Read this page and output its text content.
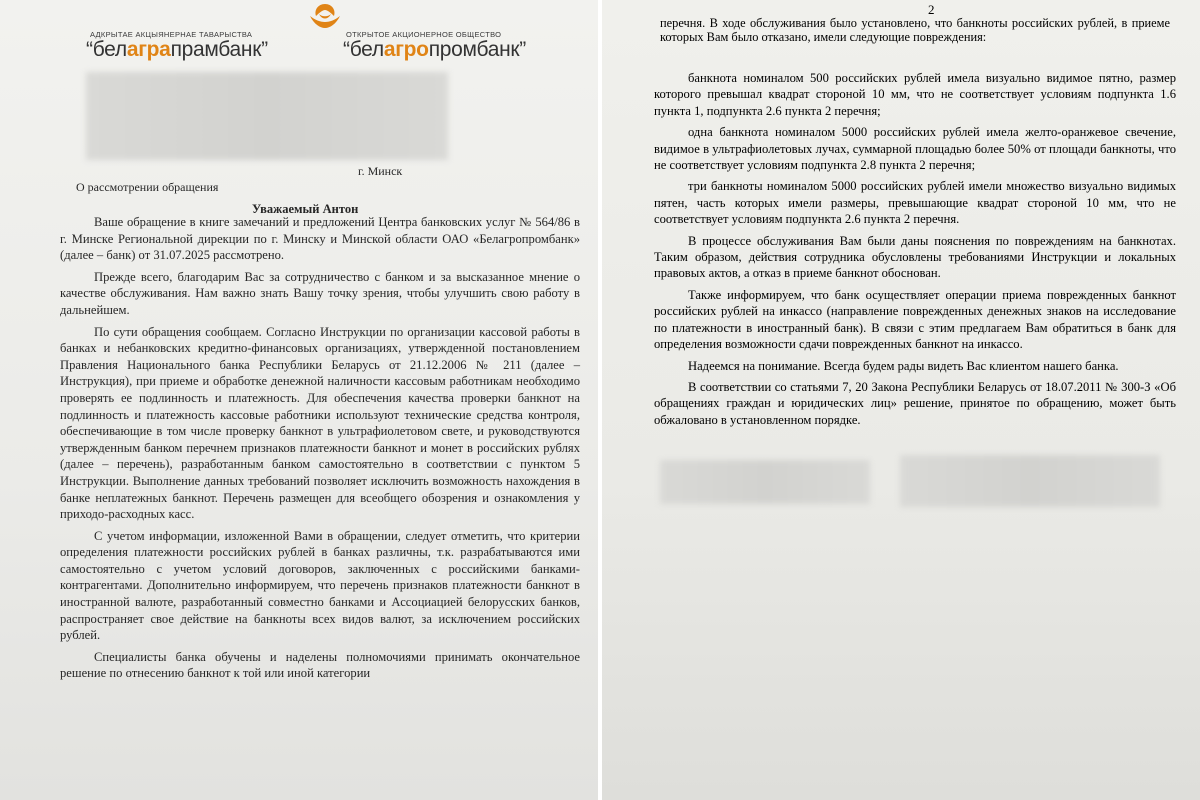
АДКРЫТАЕ АКЦЫЯНЕРНАЕ ТАВАРЫСТВА
“белаграпрамбанк”
ОТКРЫТОЕ АКЦИОНЕРНОЕ ОБЩЕСТВО
“белагропромбанк”
г. Минск
О рассмотрении обращения
Уважаемый Антон

Ваше обращение в книге замечаний и предложений Центра банковских услуг № 564/86 в г. Минске Региональной дирекции по г. Минску и Минской области ОАО «Белагропромбанк» (далее – банк) от 31.07.2025 рассмотрено.

Прежде всего, благодарим Вас за сотрудничество с банком и за высказанное мнение о качестве обслуживания. Нам важно знать Вашу точку зрения, чтобы улучшить свою работу в дальнейшем.

По сути обращения сообщаем. Согласно Инструкции по организации кассовой работы в банках и небанковских кредитно-финансовых организациях, утвержденной постановлением Правления Национального банка Республики Беларусь от 21.12.2006 № 211 (далее – Инструкция), при приеме и обработке денежной наличности кассовым работникам необходимо проверять ее подлинность и платежность. Для обеспечения качества проверки банкнот на подлинность и платежность кассовые работники используют технические средства контроля, обеспечивающие в том числе проверку банкнот в ультрафиолетовом свете, и руководствуются утвержденным банком перечнем признаков платежности банкнот и монет в российских рублях (далее – перечень), разработанным банком самостоятельно в соответствии с пунктом 5 Инструкции. Выполнение данных требований позволяет исключить возможность нахождения в банке неплатежных банкнот. Перечень размещен для всеобщего обозрения и ознакомления у приходо-расходных касс.

С учетом информации, изложенной Вами в обращении, следует отметить, что критерии определения платежности российских рублей в банках различны, т.к. разрабатываются ими самостоятельно с учетом условий договоров, заключенных с российскими банками-контрагентами. Дополнительно информируем, что перечень признаков платежности банкнот в иностранной валюте, разработанный совместно банками и Ассоциацией белорусских банков, распространяет свое действие на банкноты всех видов валют, за исключением российских рублей.

Специалисты банка обучены и наделены полномочиями принимать окончательное решение по отнесению банкнот к той или иной категории

2
перечня. В ходе обслуживания было установлено, что банкноты российских рублей, в приеме которых Вам было отказано, имели следующие повреждения:

банкнота номиналом 500 российских рублей имела визуально видимое пятно, размер которого превышал квадрат стороной 10 мм, что не соответствует условиям подпункта 1.6 пункта 1, подпункта 2.6 пункта 2 перечня;

одна банкнота номиналом 5000 российских рублей имела желто-оранжевое свечение, видимое в ультрафиолетовых лучах, суммарной площадью более 50% от площади банкноты, что не соответствует условиям подпункта 2.8 пункта 2 перечня;

три банкноты номиналом 5000 российских рублей имели множество визуально видимых пятен, часть которых имели размеры, превышающие квадрат стороной 10 мм, что не соответствует условиям подпункта 2.6 пункта 2 перечня.

В процессе обслуживания Вам были даны пояснения по повреждениям на банкнотах. Таким образом, действия сотрудника обусловлены требованиями Инструкции и локальных правовых актов, а отказ в приеме банкнот обоснован.

Также информируем, что банк осуществляет операции приема поврежденных банкнот российских рублей на инкассо (направление поврежденных денежных знаков на исследование по платежности в иностранный банк). В связи с этим предлагаем Вам обратиться в банк для определения возможности сдачи поврежденных банкнот на инкассо.

Надеемся на понимание. Всегда будем рады видеть Вас клиентом нашего банка.

В соответствии со статьями 7, 20 Закона Республики Беларусь от 18.07.2011 № 300-З «Об обращениях граждан и юридических лиц» решение, принятое по обращению, может быть обжаловано в установленном порядке.
